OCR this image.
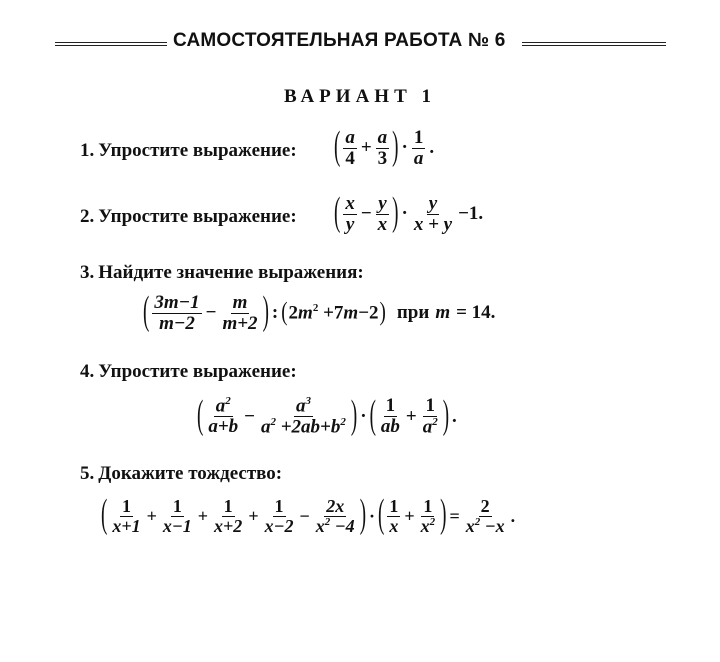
САМОСТОЯТЕЛЬНАЯ РАБОТА № 6
ВАРИАНТ 1
1. Упростите выражение: ( a
$4 + \frac{a}{3}$ ) · 1
a .
2. Упростите выражение: ( x
$y - \frac{y}{x}$ ) · y
x + y −1.
3. Найдите значение выражения:
( 3m−1
$m-2 - \frac{m}{m+2}$ ) : ( $2m^2 +7m-2$ ) при m = 14.
4. Упростите выражение:
( $a^2$
a+b
− $\frac{a^3}{a^2 +2ab+b^2}$ ) · ( 1
ab + $\frac{1}{a^2}$ ) .
5. Докажите тождество:
( 1
$x+1 + \frac{1}{x-1} + \frac{1}{x+2} + \frac{1}{x-2} - \frac{2x}{x^2 -4}$ ) · ( 1
$x + \frac{1}{x^2}$ ) = $\frac{2}{x^2 -x}$ .
